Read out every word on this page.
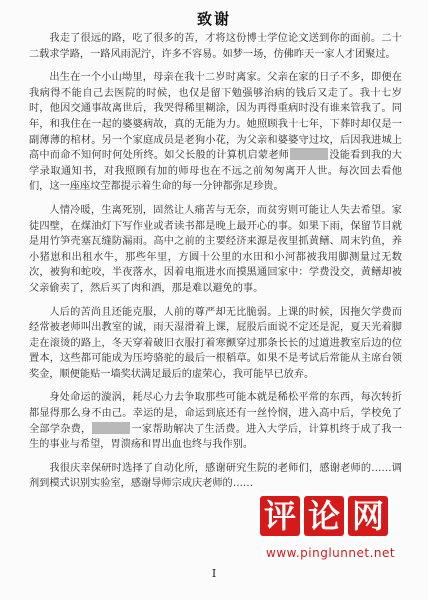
致谢

我走了很远的路，吃了很多的苦，才将这份博士学位论文送到你的面前。二十二载求学路，一路风雨泥泞，许多不容易。如梦一场，仿佛昨天一家人才团聚过。

出生在一个小山坳里，母亲在我十二岁时离家。父亲在家的日子不多，即便在我病得不能自己去医院的时候，也仅是留下勉强够治病的钱后又走了。我十七岁时，他因交通事故离世后，我哭得稀里糊涂，因为再得重病时没有谁来管我了。同年，和我住在一起的婆婆病故，真的无能为力。她照顾我十七年，下葬时却仅是一副薄薄的棺材。另一个家庭成员是老狗小花，为父亲和婆婆守过坟，后因我进城上高中而命不知何时何处所终。如父长般的计算机启蒙老师	没能看到我的大学录取通知书，对我照顾有加的师母也在不远之前匆匆离开人世。每次回去看他们，这一座座坟茔都提示着生命的每一分钟都弥足珍贵。

人情冷暖，生离死别，固然让人痛苦与无奈，而贫穷则可能让人失去希望。家徒四壁，在煤油灯下写作业或者读书都是晚上最开心的事。如果下雨，保留节目就是用竹笋壳塞瓦缝防漏雨。高中之前的主要经济来源是夜里抓黄鳝、周末钓鱼，养小猪崽和出租水牛，那些年里，方圆十公里的水田和小河都被我用脚测量过无数次，被狗和蛇咬，半夜落水，因着电瓶进水而摸黑通回家中：学费没交，黄鳝却被父亲偷卖了，然后买了肉和酒，那是难以避免的事。

人后的苦尚且还能克服，人前的尊严却无比脆弱。上课的时候，因拖欠学费而经常被老师叫出教室的诚，雨天湿滑着上课，屁股后面说不定还是泥，夏天光着脚走在滚烫的路上，冬天穿着破旧衣服打着寒颤穿过那条长长的过道进教室后边的位置本，这些都可能成为压垮骆驼的最后一根稻草。如果不是考试后常能从主席台领奖金，顺便能贴一墙奖状满足最后的虚荣心，我可能早已放弃。

身处命运的漩涡，耗尽心力去争取那些可能本就是稀松平常的东西，每次转折都显得那么身不由己。幸运的是，命运到底还有一丝怜悯，进入高中后，学校免了全部学杂费，	一家帮助解决了生活费。进入大学后，计算机终于成了我一生的事业与希望，胃溃疡和胃出血也终与我作别。

我很庆幸保研时选择了自动化所，感谢研究生院的老师们，感谢老师的……调剂到模式识别实验室，感谢导师宗成庆老师的……

I
评 论 网
www.pinglunnet.net
